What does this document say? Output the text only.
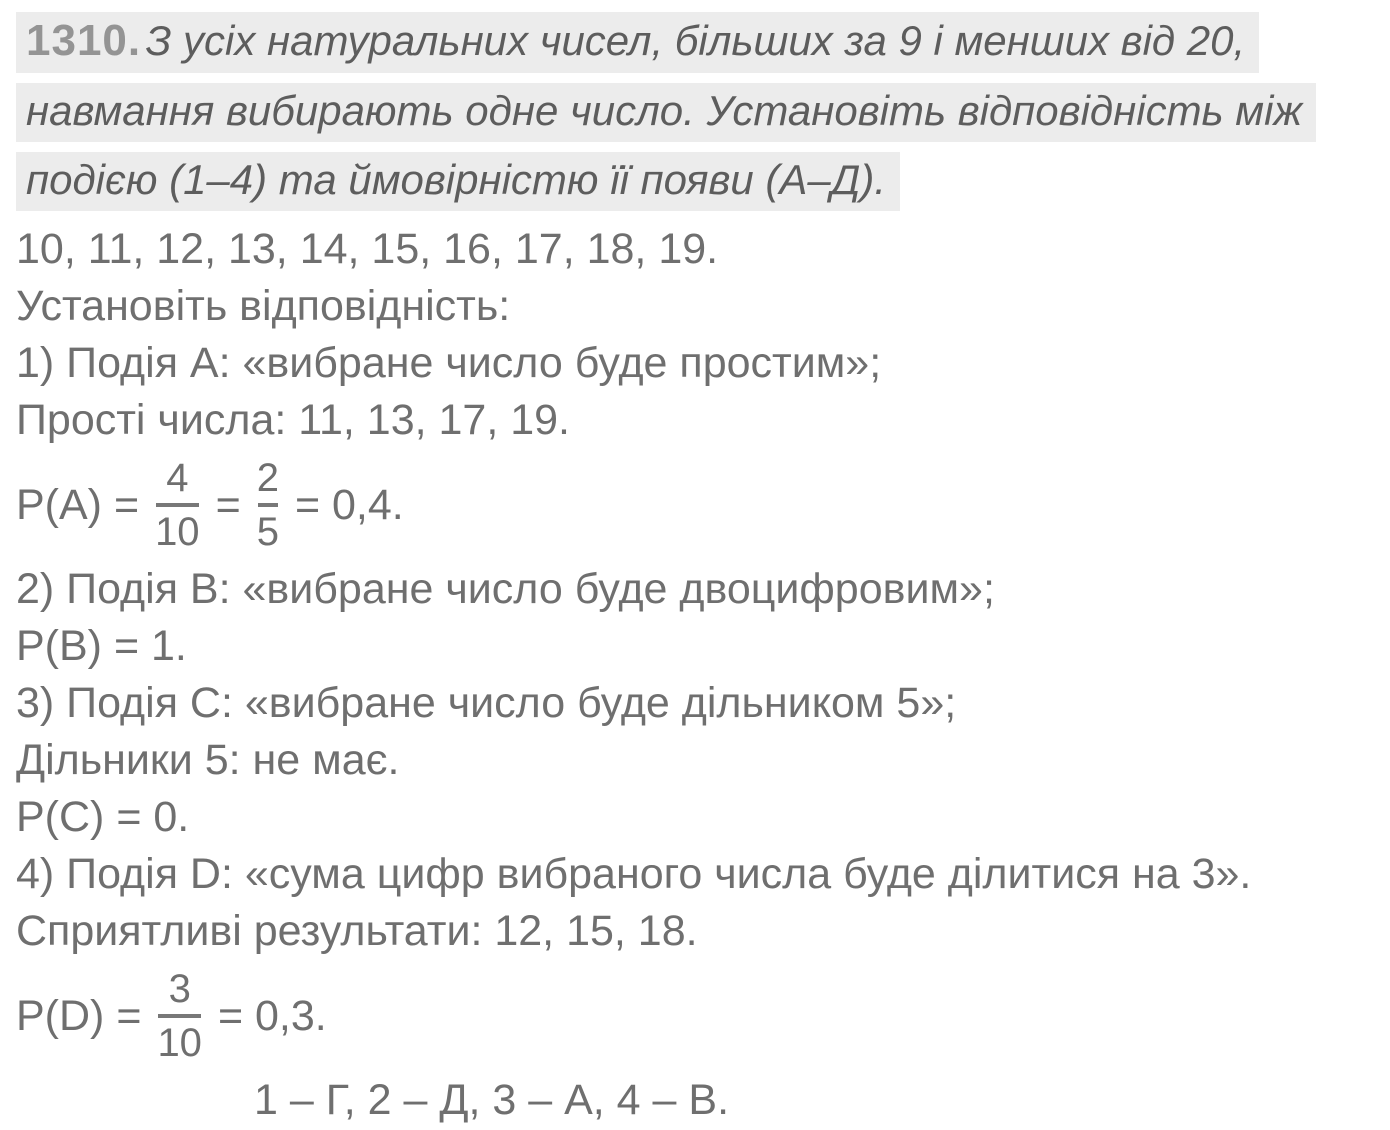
1310. З усіх натуральних чисел, більших за 9 і менших від 20,
навмання вибирають одне число. Установіть відповідність між
подією (1–4) та ймовірністю її появи (А–Д).
10, 11, 12, 13, 14, 15, 16, 17, 18, 19.
Установіть відповідність:
1) Подія А: «вибране число буде простим»;
Прості числа: 11, 13, 17, 19.
$P(A) = \frac{4}{10} = \frac{2}{5} = 0,4$.
2) Подія В: «вибране число буде двоцифровим»;
P(B) = 1.
3) Подія С: «вибране число буде дільником 5»;
Дільники 5: не має.
P(C) = 0.
4) Подія D: «сума цифр вибраного числа буде ділитися на 3».
Сприятливі результати: 12, 15, 18.
$P(D) = \frac{3}{10} = 0,3$.
1 – Г, 2 – Д, 3 – А, 4 – В.
